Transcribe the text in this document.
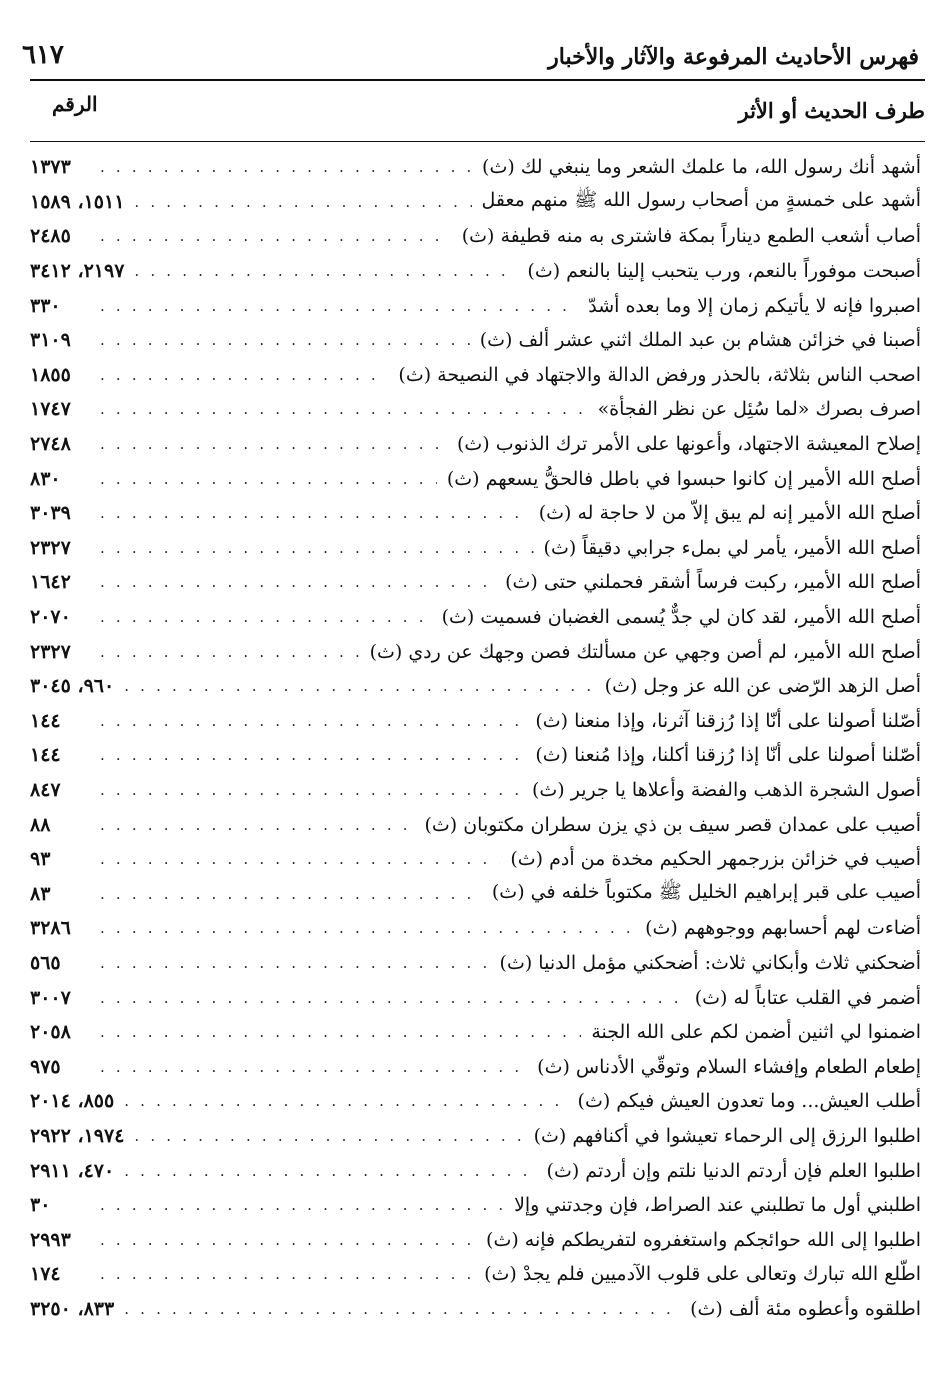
٦١٧	فهرس الأحاديث المرفوعة والآثار والأخبار
الرقم	طرف الحديث أو الأثر
أشهد أنك رسول الله، ما علمك الشعر وما ينبغي لك (ث)
. . .
١٣٧٣
أشهد على خمسةٍ من أصحاب رسول الله ﷺ منهم معقل
. . .
١٥١١، ١٥٨٩
أصاب أشعب الطمع ديناراً بمكة فاشترى به منه قطيفة (ث)
. . .
٢٤٨٥
أصبحت موفوراً بالنعم، ورب يتحبب إلينا بالنعم (ث)
. . .
٢١٩٧، ٣٤١٢
اصبروا فإنه لا يأتيكم زمان إلا وما بعده أشدّ
. . .
٣٣٠
أصبنا في خزائن هشام بن عبد الملك اثني عشر ألف (ث)
. . .
٣١٠٩
اصحب الناس بثلاثة، بالحذر ورفض الدالة والاجتهاد في النصيحة (ث)
. . .
١٨٥٥
اصرف بصرك «لما سُئِل عن نظر الفجأة»
. . .
١٧٤٧
إصلاح المعيشة الاجتهاد، وأعونها على الأمر ترك الذنوب (ث)
. . .
٢٧٤٨
أصلح الله الأمير إن كانوا حبسوا في باطل فالحقُّ يسعهم (ث)
. . .
٨٣٠
أصلح الله الأمير إنه لم يبق إلاّ من لا حاجة له (ث)
. . .
٣٠٣٩
أصلح الله الأمير، يأمر لي بملء جرابي دقيقاً (ث)
. . .
٢٣٢٧
أصلح الله الأمير، ركبت فرساً أشقر فحملني حتى (ث)
. . .
١٦٤٢
أصلح الله الأمير، لقد كان لي جدٌّ يُسمى الغضبان فسميت (ث)
. . .
٢٠٧٠
أصلح الله الأمير، لم أصن وجهي عن مسألتك فصن وجهك عن ردي (ث)
. . .
٢٣٢٧
أصل الزهد الرّضى عن الله عز وجل (ث)
. . .
٩٦٠، ٣٠٤٥
أصّلنا أصولنا على أنّا إذا رُزقنا آثرنا، وإذا منعنا (ث)
. . .
١٤٤
أصّلنا أصولنا على أنّا إذا رُزقنا أكلنا، وإذا مُنعنا (ث)
. . .
١٤٤
أصول الشجرة الذهب والفضة وأعلاها يا جرير (ث)
. . .
٨٤٧
أصيب على عمدان قصر سيف بن ذي يزن سطران مكتوبان (ث)
. . .
٨٨
أصيب في خزائن بزرجمهر الحكيم مخدة من أدم (ث)
. . .
٩٣
أصيب على قبر إبراهيم الخليل ﷺ مكتوباً خلفه في (ث)
. . .
٨٣
أضاءت لهم أحسابهم ووجوههم (ث)
. . .
٣٢٨٦
أضحكني ثلاث وأبكاني ثلاث: أضحكني مؤمل الدنيا (ث)
. . .
٥٦٥
أضمر في القلب عتاباً له (ث)
. . .
٣٠٠٧
اضمنوا لي اثنين أضمن لكم على الله الجنة
. . .
٢٠٥٨
إطعام الطعام وإفشاء السلام وتوقّي الأدناس (ث)
. . .
٩٧٥
أطلب العيش... وما تعدون العيش فيكم (ث)
. . .
٨٥٥، ٢٠١٤
اطلبوا الرزق إلى الرحماء تعيشوا في أكنافهم (ث)
. . .
١٩٧٤، ٢٩٢٢
اطلبوا العلم فإن أردتم الدنيا نلتم وإن أردتم (ث)
. . .
٤٧٠، ٢٩١١
اطلبني أول ما تطلبني عند الصراط، فإن وجدتني وإلا
. . .
٣٠
اطلبوا إلى الله حوائجكم واستغفروه لتفريطكم فإنه (ث)
. . .
٢٩٩٣
اطّلع الله تبارك وتعالى على قلوب الآدميين فلم يجدْ (ث)
. . .
١٧٤
اطلقوه وأعطوه مئة ألف (ث)
. . .
٨٣٣، ٣٢٥٠
